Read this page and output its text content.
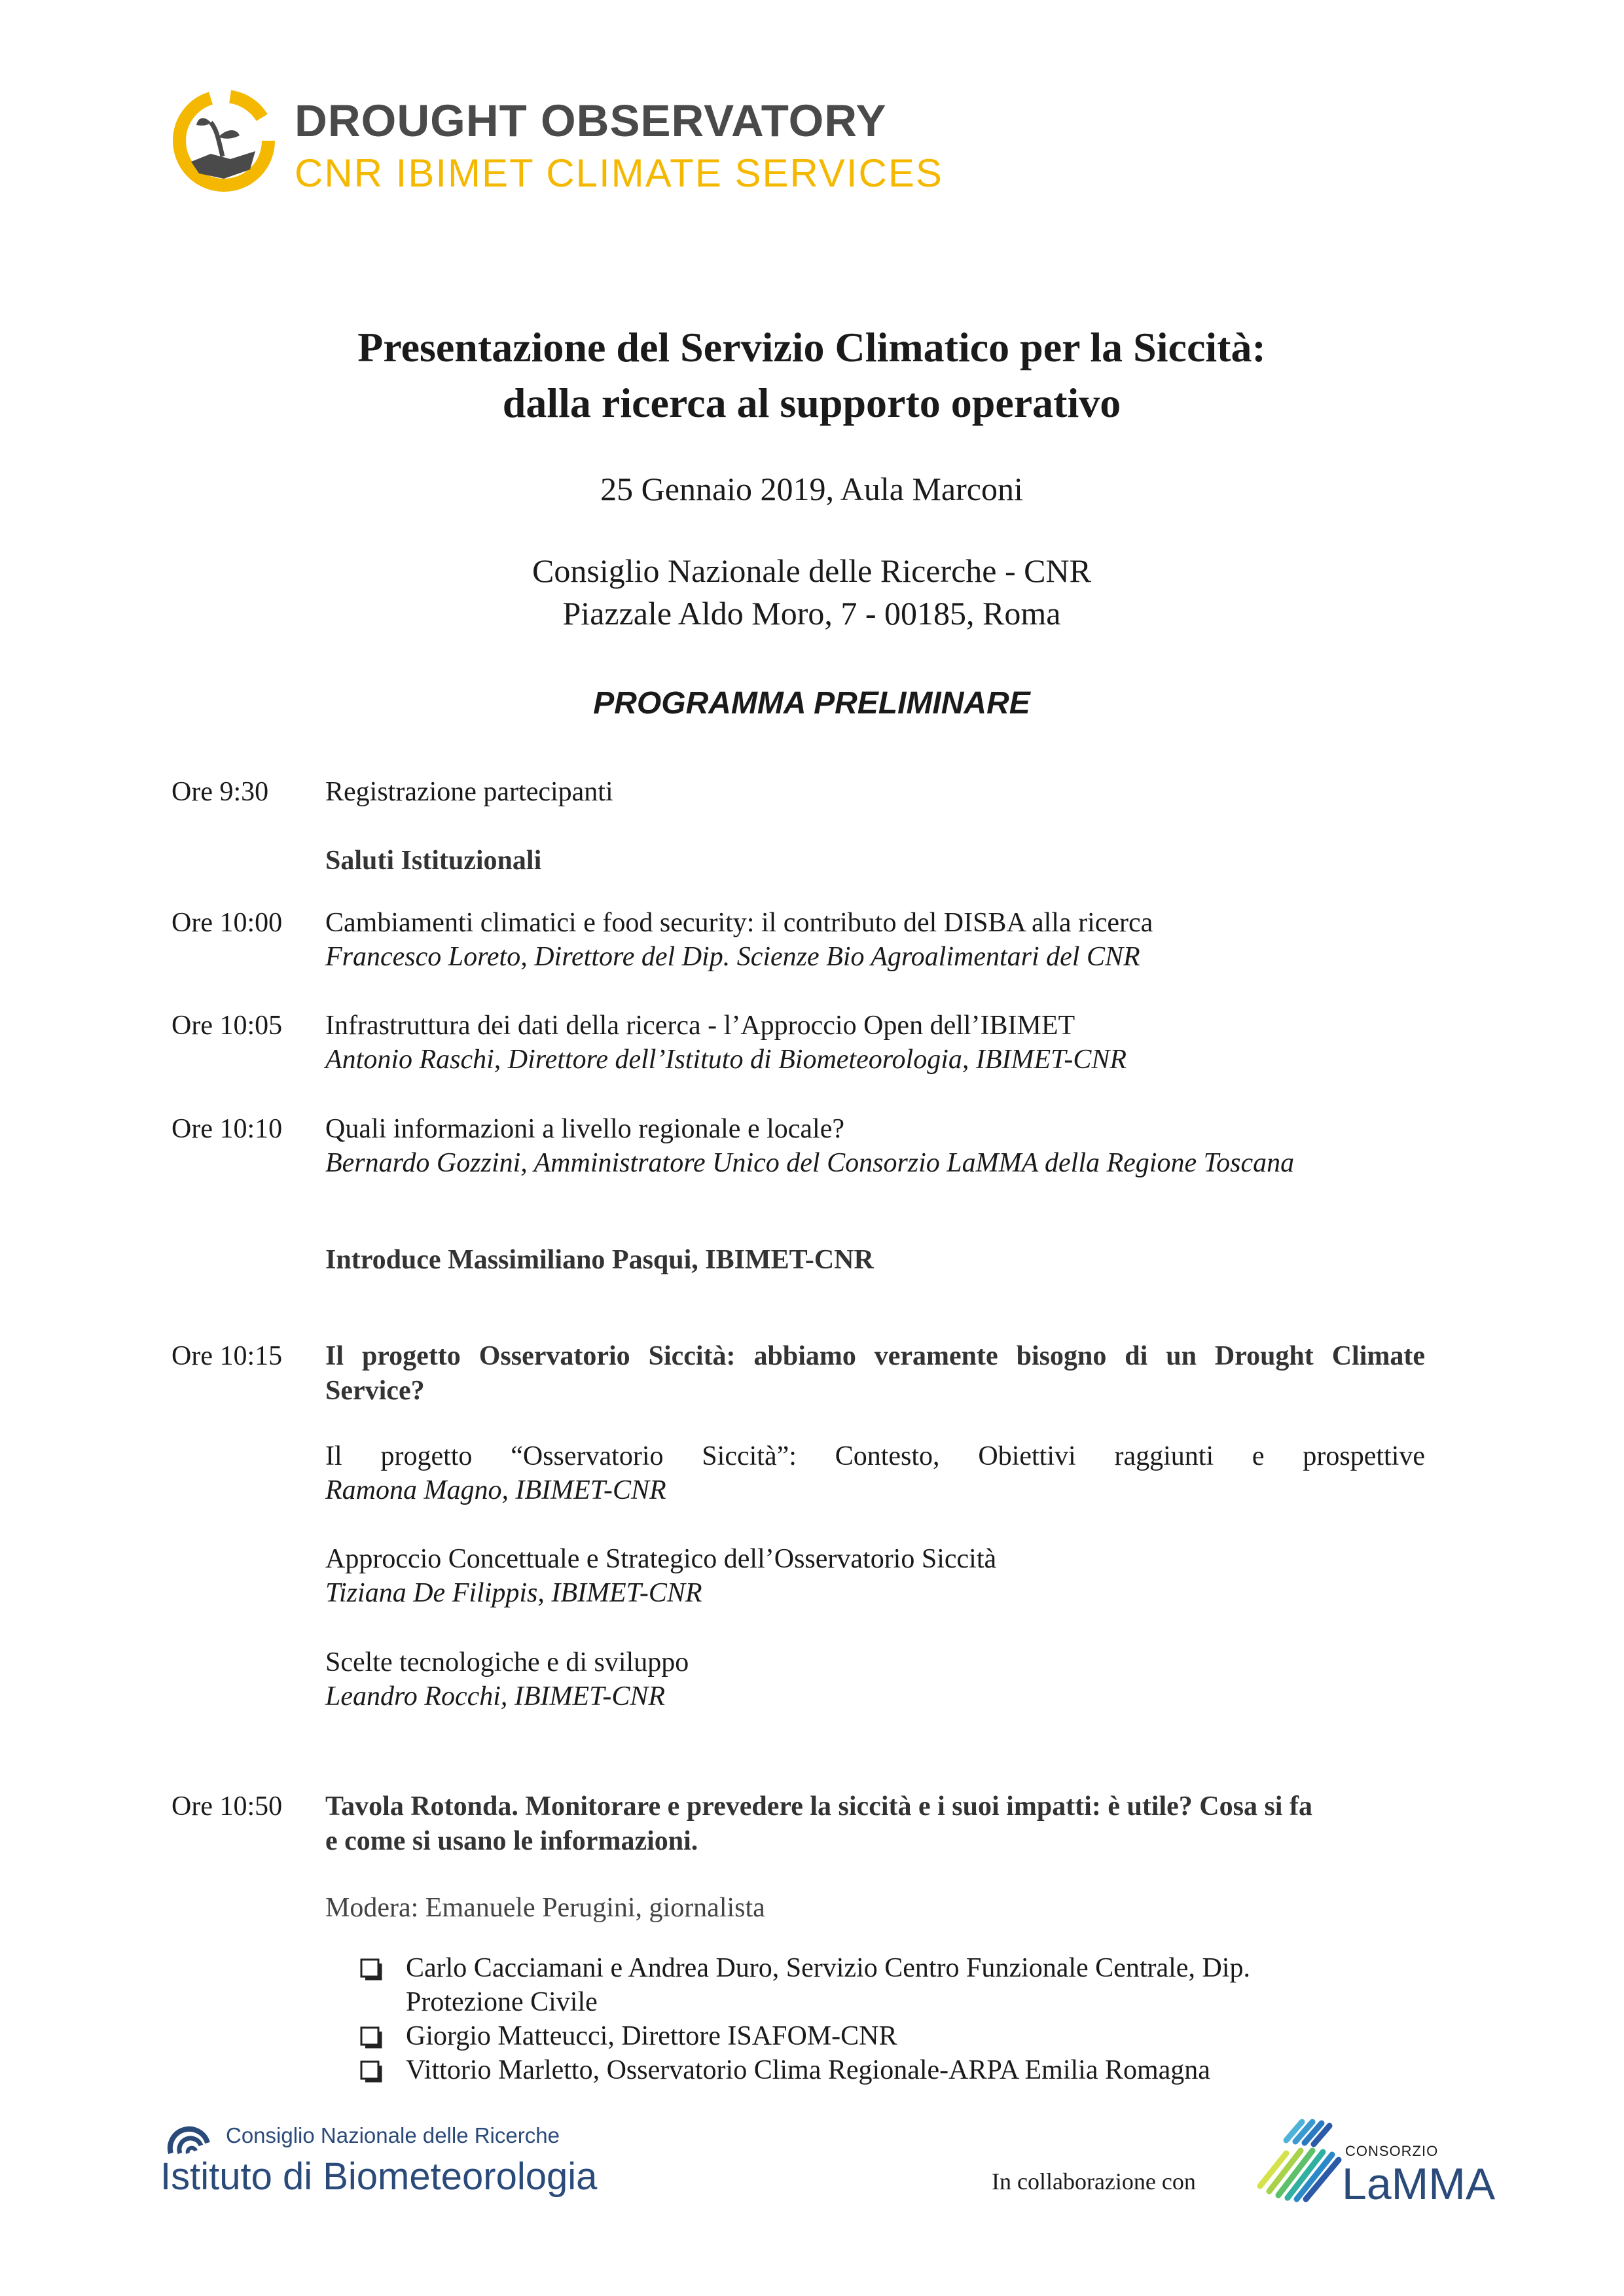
DROUGHT OBSERVATORY
CNR IBIMET CLIMATE SERVICES
Presentazione del Servizio Climatico per la Siccità:
dalla ricerca al supporto operativo
25 Gennaio 2019, Aula Marconi
Consiglio Nazionale delle Ricerche - CNR
Piazzale Aldo Moro, 7 - 00185, Roma
PROGRAMMA PRELIMINARE
Ore 9:30 Registrazione partecipanti
Saluti Istituzionali
Ore 10:00 Cambiamenti climatici e food security: il contributo del DISBA alla ricerca
Francesco Loreto, Direttore del Dip. Scienze Bio Agroalimentari del CNR
Ore 10:05 Infrastruttura dei dati della ricerca - l’Approccio Open dell’IBIMET
Antonio Raschi, Direttore dell’Istituto di Biometeorologia, IBIMET-CNR
Ore 10:10 Quali informazioni a livello regionale e locale?
Bernardo Gozzini, Amministratore Unico del Consorzio LaMMA della Regione Toscana
Introduce Massimiliano Pasqui, IBIMET-CNR
Ore 10:15 Il progetto Osservatorio Siccità: abbiamo veramente bisogno di un Drought Climate
Service?
Il progetto “Osservatorio Siccità”: Contesto, Obiettivi raggiunti e prospettive
Ramona Magno, IBIMET-CNR
Approccio Concettuale e Strategico dell’Osservatorio Siccità
Tiziana De Filippis, IBIMET-CNR
Scelte tecnologiche e di sviluppo
Leandro Rocchi, IBIMET-CNR
Ore 10:50 Tavola Rotonda. Monitorare e prevedere la siccità e i suoi impatti: è utile? Cosa si fa
e come si usano le informazioni.
Modera: Emanuele Perugini, giornalista
Carlo Cacciamani e Andrea Duro, Servizio Centro Funzionale Centrale, Dip.
Protezione Civile
Giorgio Matteucci, Direttore ISAFOM-CNR
Vittorio Marletto, Osservatorio Clima Regionale-ARPA Emilia Romagna
Consiglio Nazionale delle Ricerche
Istituto di Biometeorologia	In collaborazione con
CONSORZIO
LaMMA
